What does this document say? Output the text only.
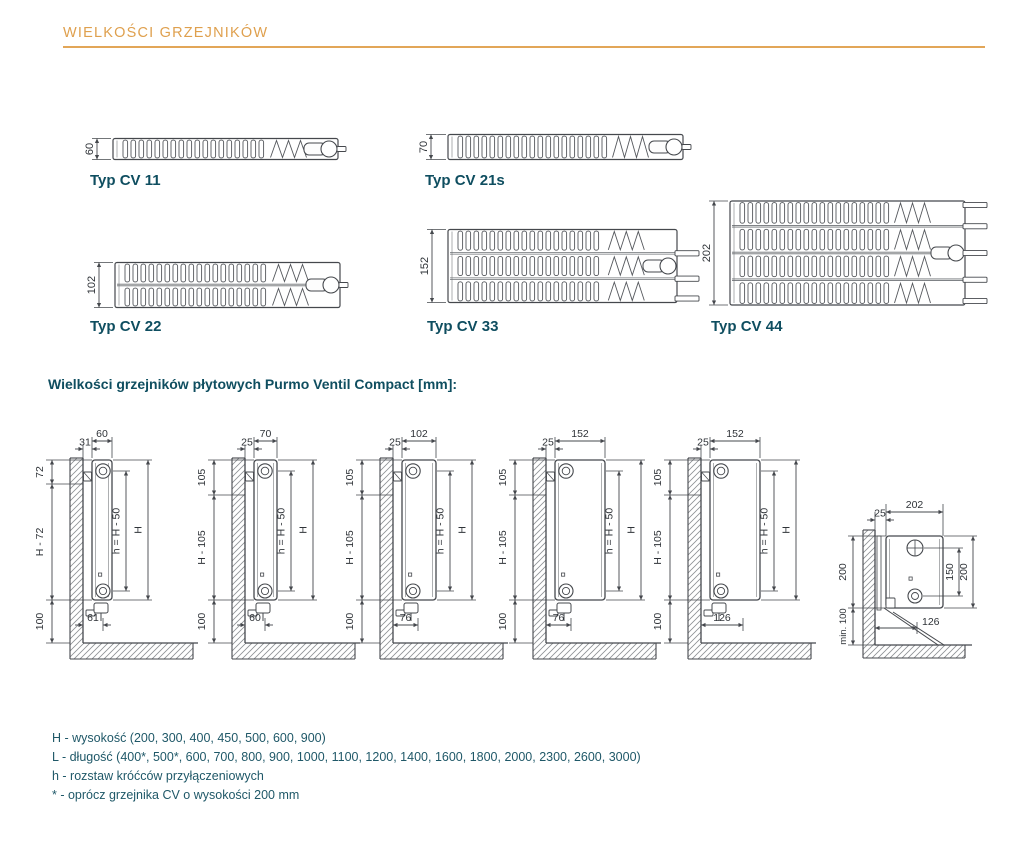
WIELKOŚCI GRZEJNIKÓW
Typ CV 11	Typ CV 21s
Typ CV 22	Typ CV 33	Typ CV 44
Wielkości grzejników płytowych Purmo Ventil Compact [mm]:
H - wysokość (200, 300, 400, 450, 500, 600, 900)
L - długość (400*, 500*, 600, 700, 800, 900, 1000, 1100, 1200, 1400, 1600, 1800, 2000, 2300, 2600, 3000)
h - rozstaw króćców przyłączeniowych
* - oprócz grzejnika CV o wysokości 200 mm
60	70
102
152
202
60
31
72
H - 72
100
h = H - 50 H
61
70
25
105
H - 105
100
h = H - 50 H
60
102
25
105
H - 105
100
h = H - 50 H
76
152
25
105
H - 105
100
h = H - 50 H
76
152
25
105
H - 105
100
h = H - 50 H
126
202
25
150 200
200
min. 100	126
